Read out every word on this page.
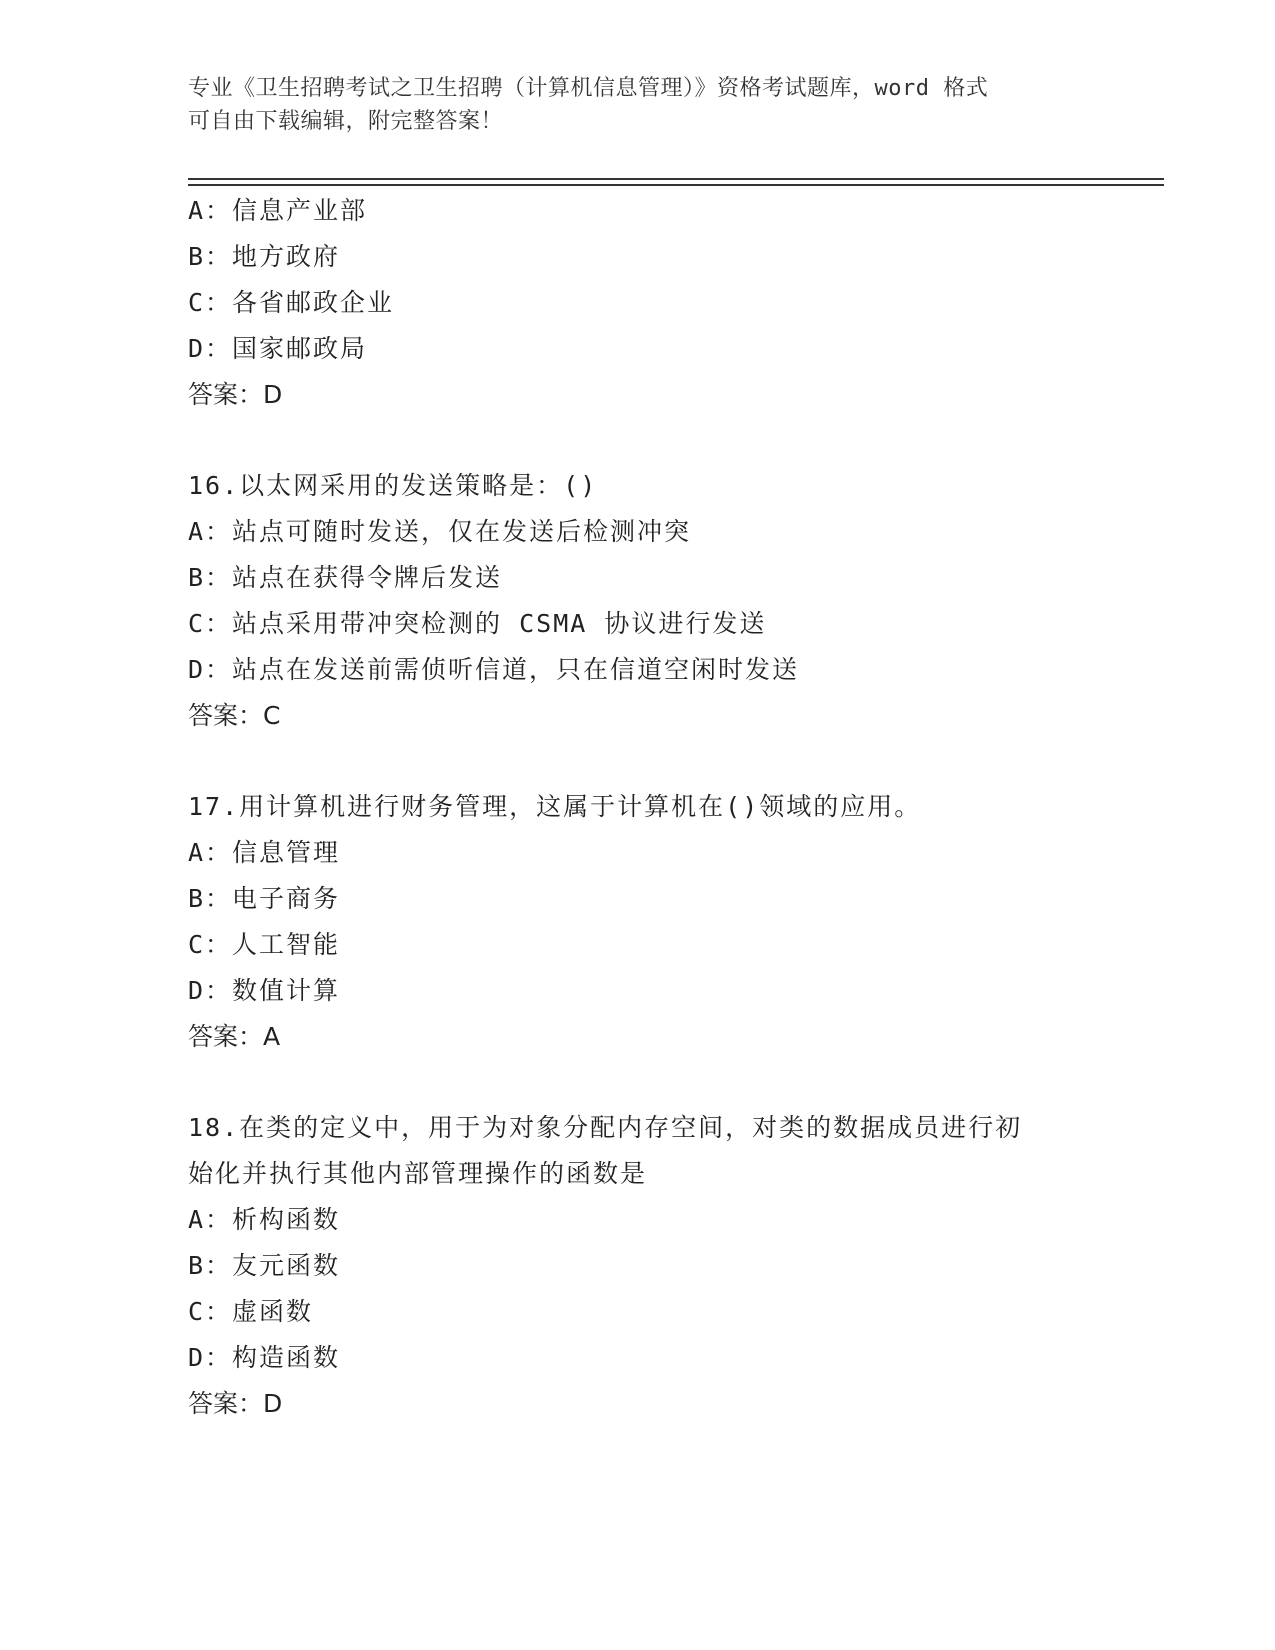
专业《卫生招聘考试之卫生招聘（计算机信息管理）》资格考试题库，word 格式
可自由下载编辑，附完整答案！
A：信息产业部
B：地方政府
C：各省邮政企业
D：国家邮政局
答案：D
16.以太网采用的发送策略是：()
A：站点可随时发送，仅在发送后检测冲突
B：站点在获得令牌后发送
C：站点采用带冲突检测的 CSMA 协议进行发送
D：站点在发送前需侦听信道，只在信道空闲时发送
答案：C
17.用计算机进行财务管理，这属于计算机在()领域的应用。
A：信息管理
B：电子商务
C：人工智能
D：数值计算
答案：A
18.在类的定义中，用于为对象分配内存空间，对类的数据成员进行初
始化并执行其他内部管理操作的函数是
A：析构函数
B：友元函数
C：虚函数
D：构造函数
答案：D
